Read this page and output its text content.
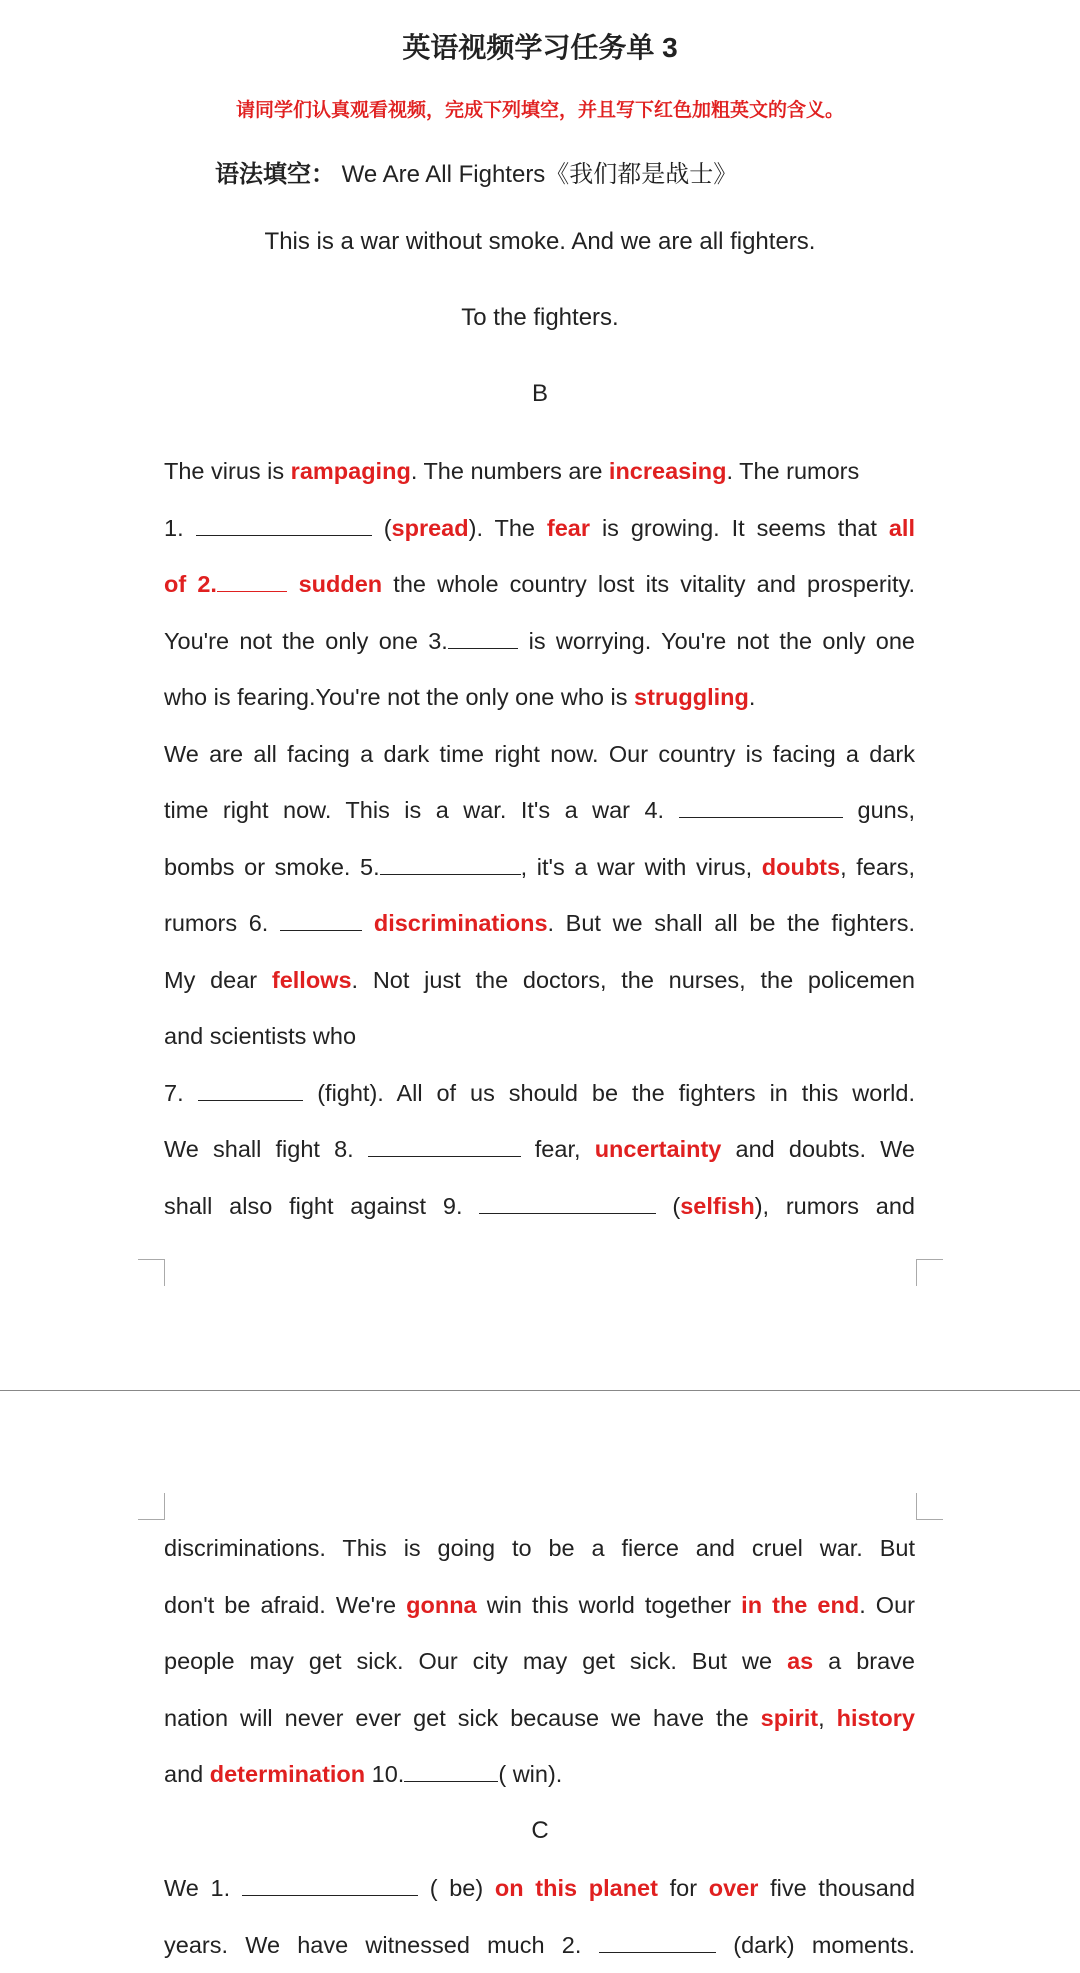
英语视频学习任务单 3
请同学们认真观看视频，完成下列填空，并且写下红色加粗英文的含义。
语法填空： We Are All Fighters《我们都是战士》
This is a war without smoke. And we are all fighters.
To the fighters.
B
The virus is rampaging. The numbers are increasing. The rumors
1.	(spread). The fear is growing. It seems that all
of 2.	sudden the whole country lost its vitality and prosperity.
You're not the only one 3.	is worrying. You're not the only one
who is fearing.You're not the only one who is struggling.
We are all facing a dark time right now. Our country is facing a dark
time right now. This is a war. It's a war 4.	guns,
bombs or smoke. 5.	, it's a war with virus, doubts, fears,
rumors 6.	discriminations. But we shall all be the fighters.
My dear fellows. Not just the doctors, the nurses, the policemen
and scientists who
7.	(fight). All of us should be the fighters in this world.
We shall fight 8.	fear, uncertainty and doubts. We
shall also fight against 9.	(selfish), rumors and
discriminations. This is going to be a fierce and cruel war. But
don't be afraid. We're gonna win this world together in the end. Our
people may get sick. Our city may get sick. But we as a brave
nation will never ever get sick because we have the spirit, history
and determination 10.	( win).
C
We 1.	( be) on this planet for over five thousand
years. We have witnessed much 2.	(dark) moments.
